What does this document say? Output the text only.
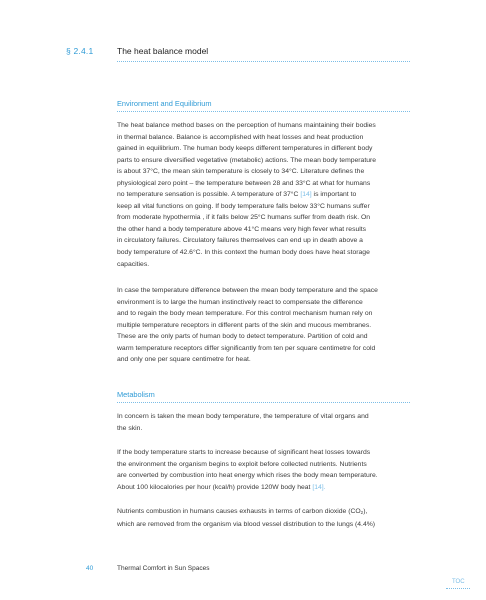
§ 2.4.1	The heat balance model
Environment and Equilibrium
The heat balance method bases on the perception of humans maintaining their bodies
in thermal balance. Balance is accomplished with heat losses and heat production
gained in equilibrium. The human body keeps different temperatures in different body
parts to ensure diversified vegetative (metabolic) actions. The mean body temperature
is about 37°C, the mean skin temperature is closely to 34°C. Literature defines the
physiological zero point – the temperature between 28 and 33°C at what for humans
no temperature sensation is possible. A temperature of 37°C [14] is important to
keep all vital functions on going. If body temperature falls below 33°C humans suffer
from moderate hypothermia , if it falls below 25°C humans suffer from death risk. On
the other hand a body temperature above 41°C means very high fever what results
in circulatory failures. Circulatory failures themselves can end up in death above a
body temperature of 42.6°C. In this context the human body does have heat storage
capacities.
In case the temperature difference between the mean body temperature and the space
environment is to large the human instinctively react to compensate the difference
and to regain the body mean temperature. For this control mechanism human rely on
multiple temperature receptors in different parts of the skin and mucous membranes.
These are the only parts of human body to detect temperature. Partition of cold and
warm temperature receptors differ significantly from ten per square centimetre for cold
and only one per square centimetre for heat.
Metabolism
In concern is taken the mean body temperature, the temperature of vital organs and
the skin.
If the body temperature starts to increase because of significant heat losses towards
the environment the organism begins to exploit before collected nutrients. Nutrients
are converted by combustion into heat energy which rises the body mean temperature.
About 100 kilocalories per hour (kcal/h) provide 120W body heat [14].
Nutrients combustion in humans causes exhausts in terms of carbon dioxide $(CO_2)$,
which are removed from the organism via blood vessel distribution to the lungs (4.4%)
40	Thermal Comfort in Sun Spaces
TOC
